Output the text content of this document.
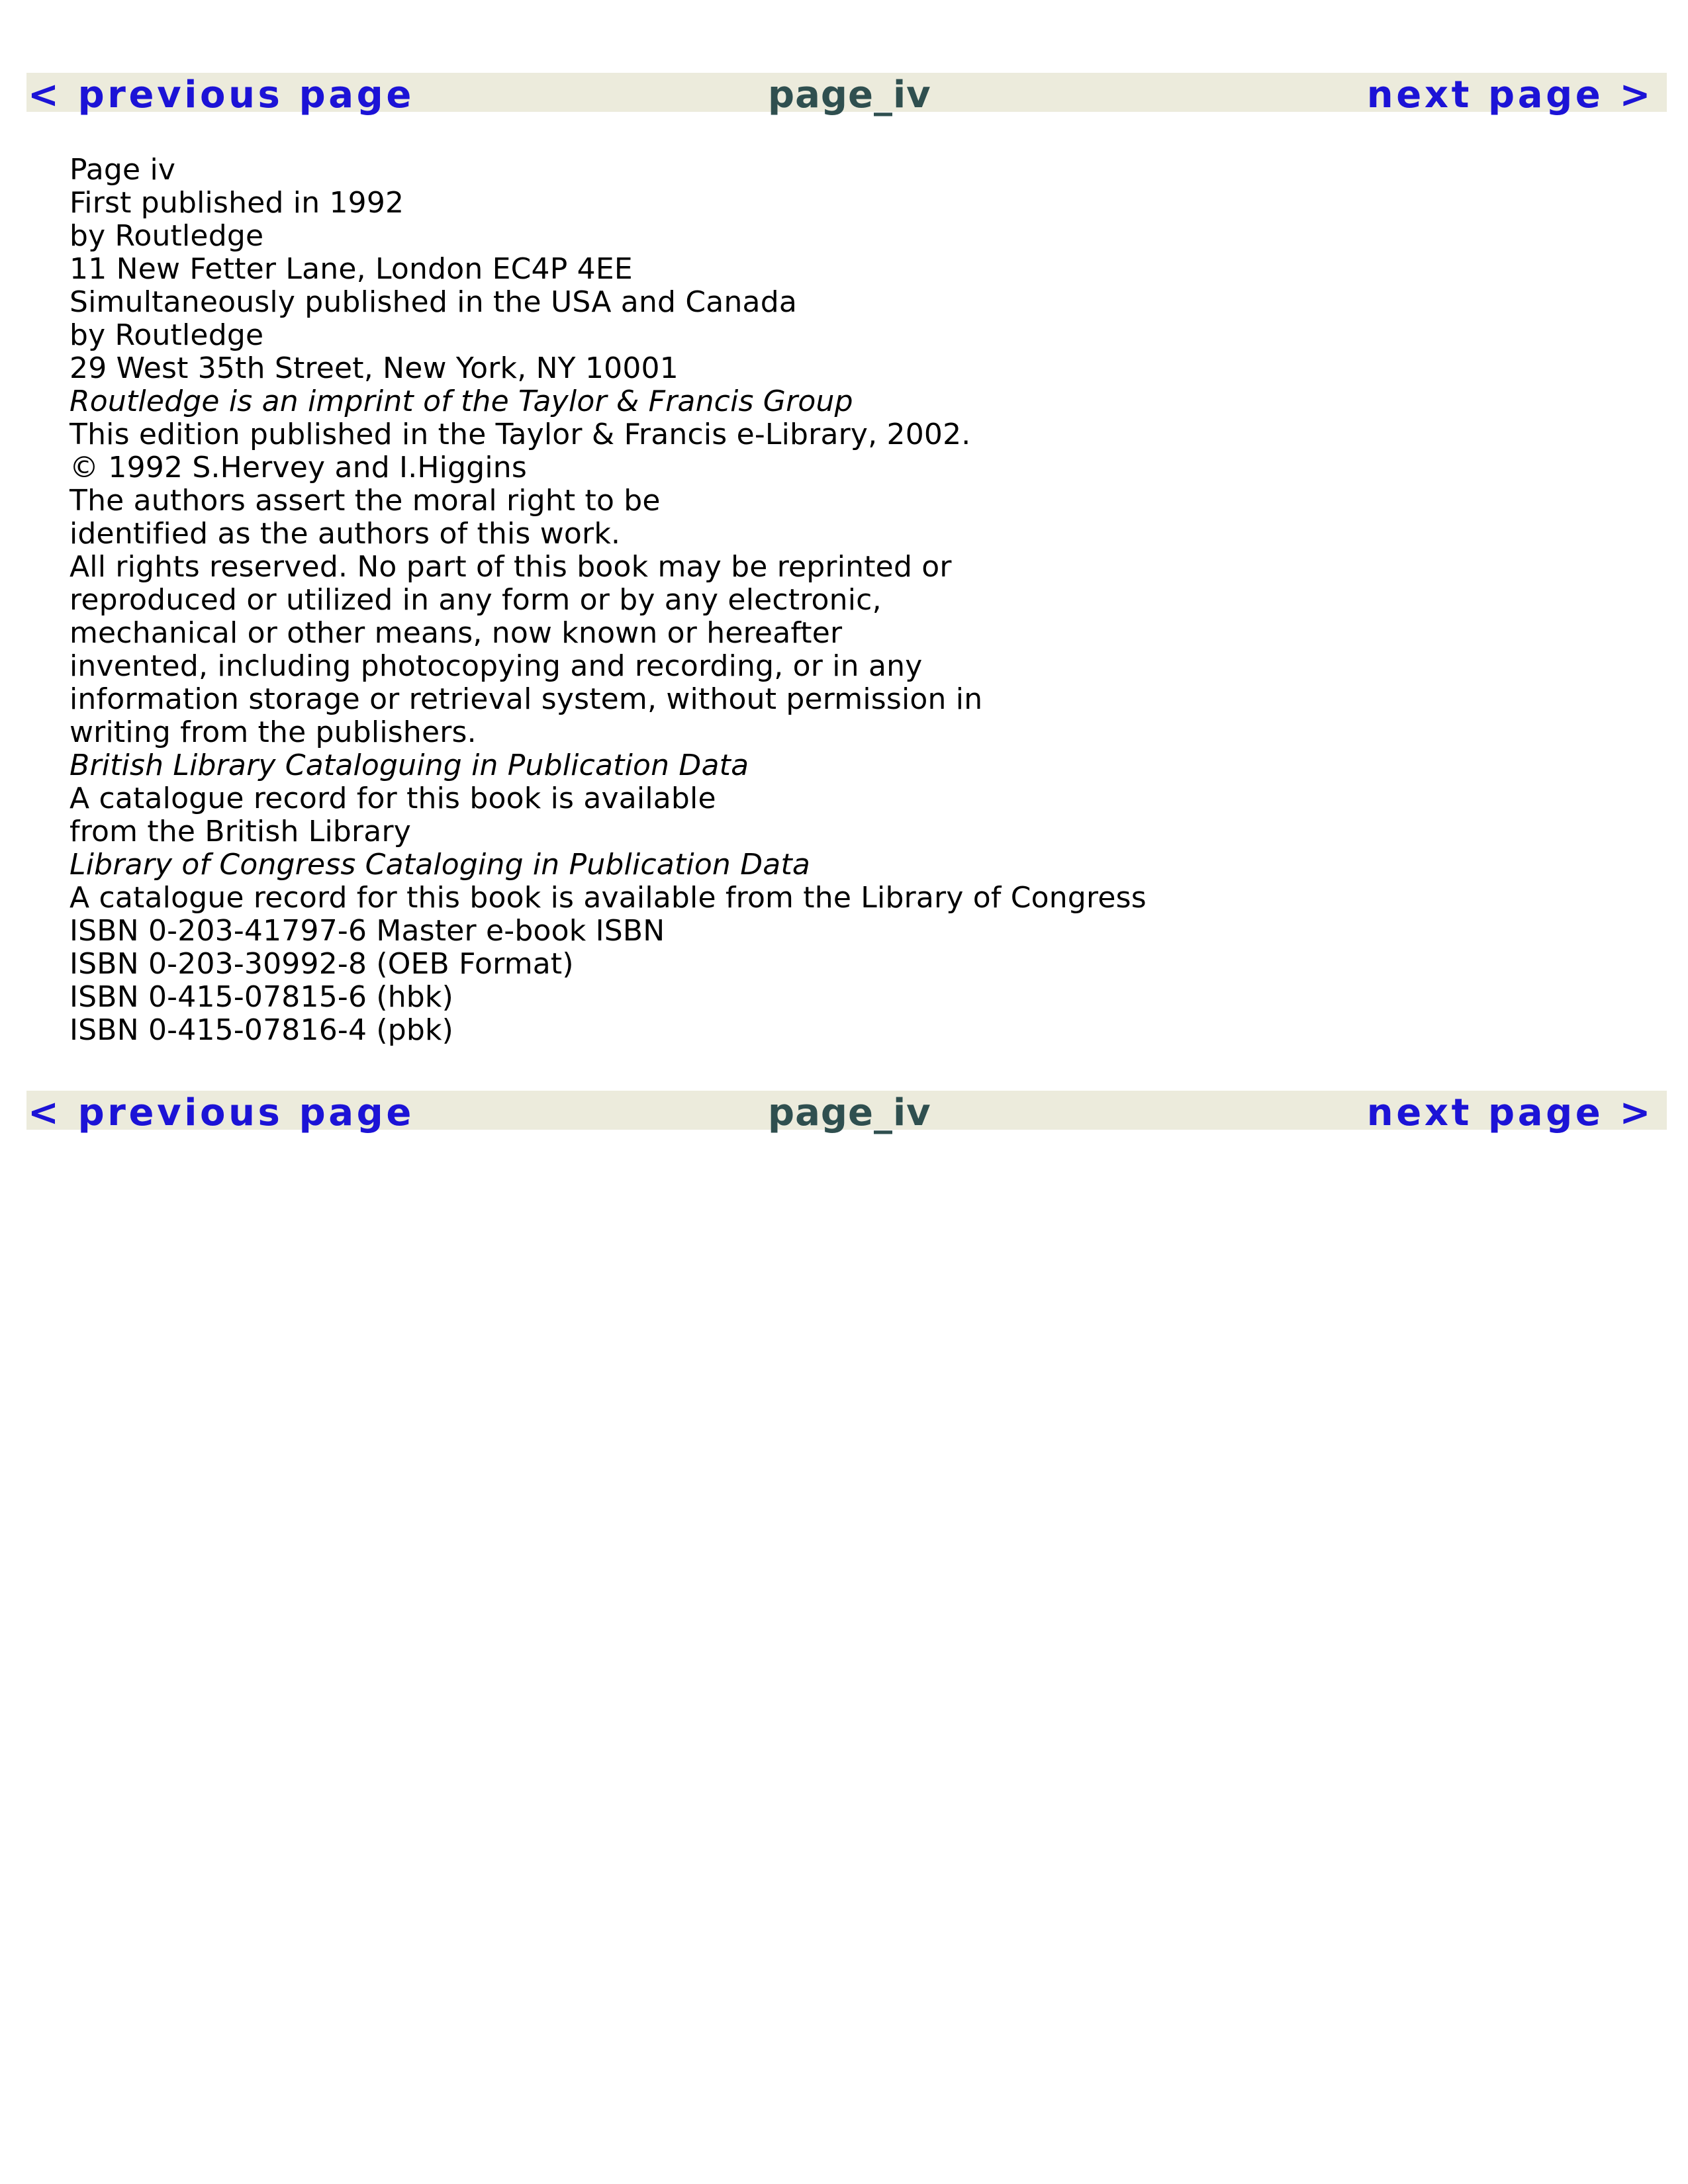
< previous page	page_iv	next page >
Page iv
First published in 1992
by Routledge
11 New Fetter Lane, London EC4P 4EE
Simultaneously published in the USA and Canada
by Routledge
29 West 35th Street, New York, NY 10001
Routledge is an imprint of the Taylor & Francis Group
This edition published in the Taylor & Francis e-Library, 2002.
© 1992 S.Hervey and I.Higgins
The authors assert the moral right to be
identified as the authors of this work.
All rights reserved. No part of this book may be reprinted or
reproduced or utilized in any form or by any electronic,
mechanical or other means, now known or hereafter
invented, including photocopying and recording, or in any
information storage or retrieval system, without permission in
writing from the publishers.
British Library Cataloguing in Publication Data
A catalogue record for this book is available
from the British Library
Library of Congress Cataloging in Publication Data
A catalogue record for this book is available from the Library of Congress
ISBN 0-203-41797-6 Master e-book ISBN
ISBN 0-203-30992-8 (OEB Format)
ISBN 0-415-07815-6 (hbk)
ISBN 0-415-07816-4 (pbk)
< previous page	page_iv	next page >
